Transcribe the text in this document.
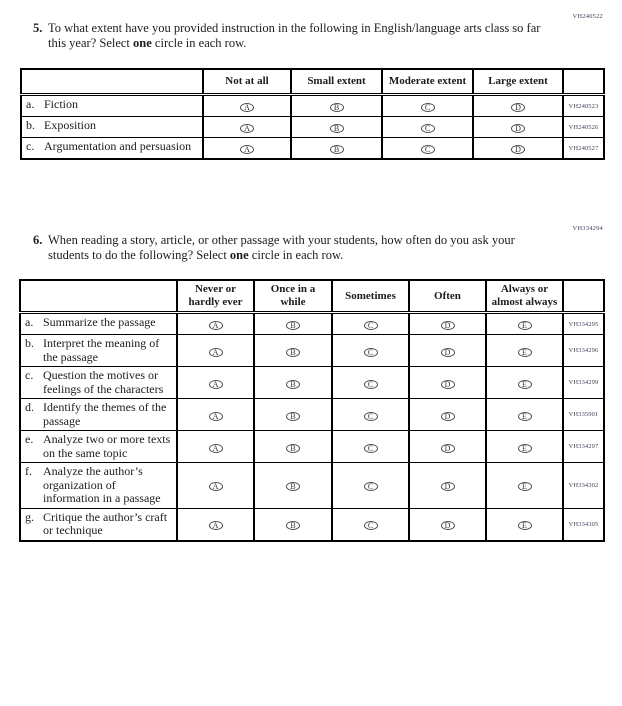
VH240522
5. To what extent have you provided instruction in the following in English/language arts class so far this year? Select one circle in each row.
	Not at all	Small extent	Moderate extent	Large extent	

a. Fiction	A	B	C	D	VH240523

b. Exposition	A	B	C	D	VH240526

c. Argumentation and persuasion	A	B	C	D	VH240527
VH334294
6. When reading a story, article, or other passage with your students, how often do you ask your students to do the following? Select one circle in each row.
	Never or hardly ever	Once in a while	Sometimes	Often	Always or almost always	

a. Summarize the passage	A	B	C	D	E	VH334295

b. Interpret the meaning of the passage	A	B	C	D	E	VH334296

c. Question the motives or feelings of the characters	A	B	C	D	E	VH334299

d. Identify the themes of the passage	A	B	C	D	E	VH335901

e. Analyze two or more texts on the same topic	A	B	C	D	E	VH334297

f. Analyze the author’s organization of information in a passage	A	B	C	D	E	VH334302

g. Critique the author’s craft or technique	A	B	C	D	E	VH334305
